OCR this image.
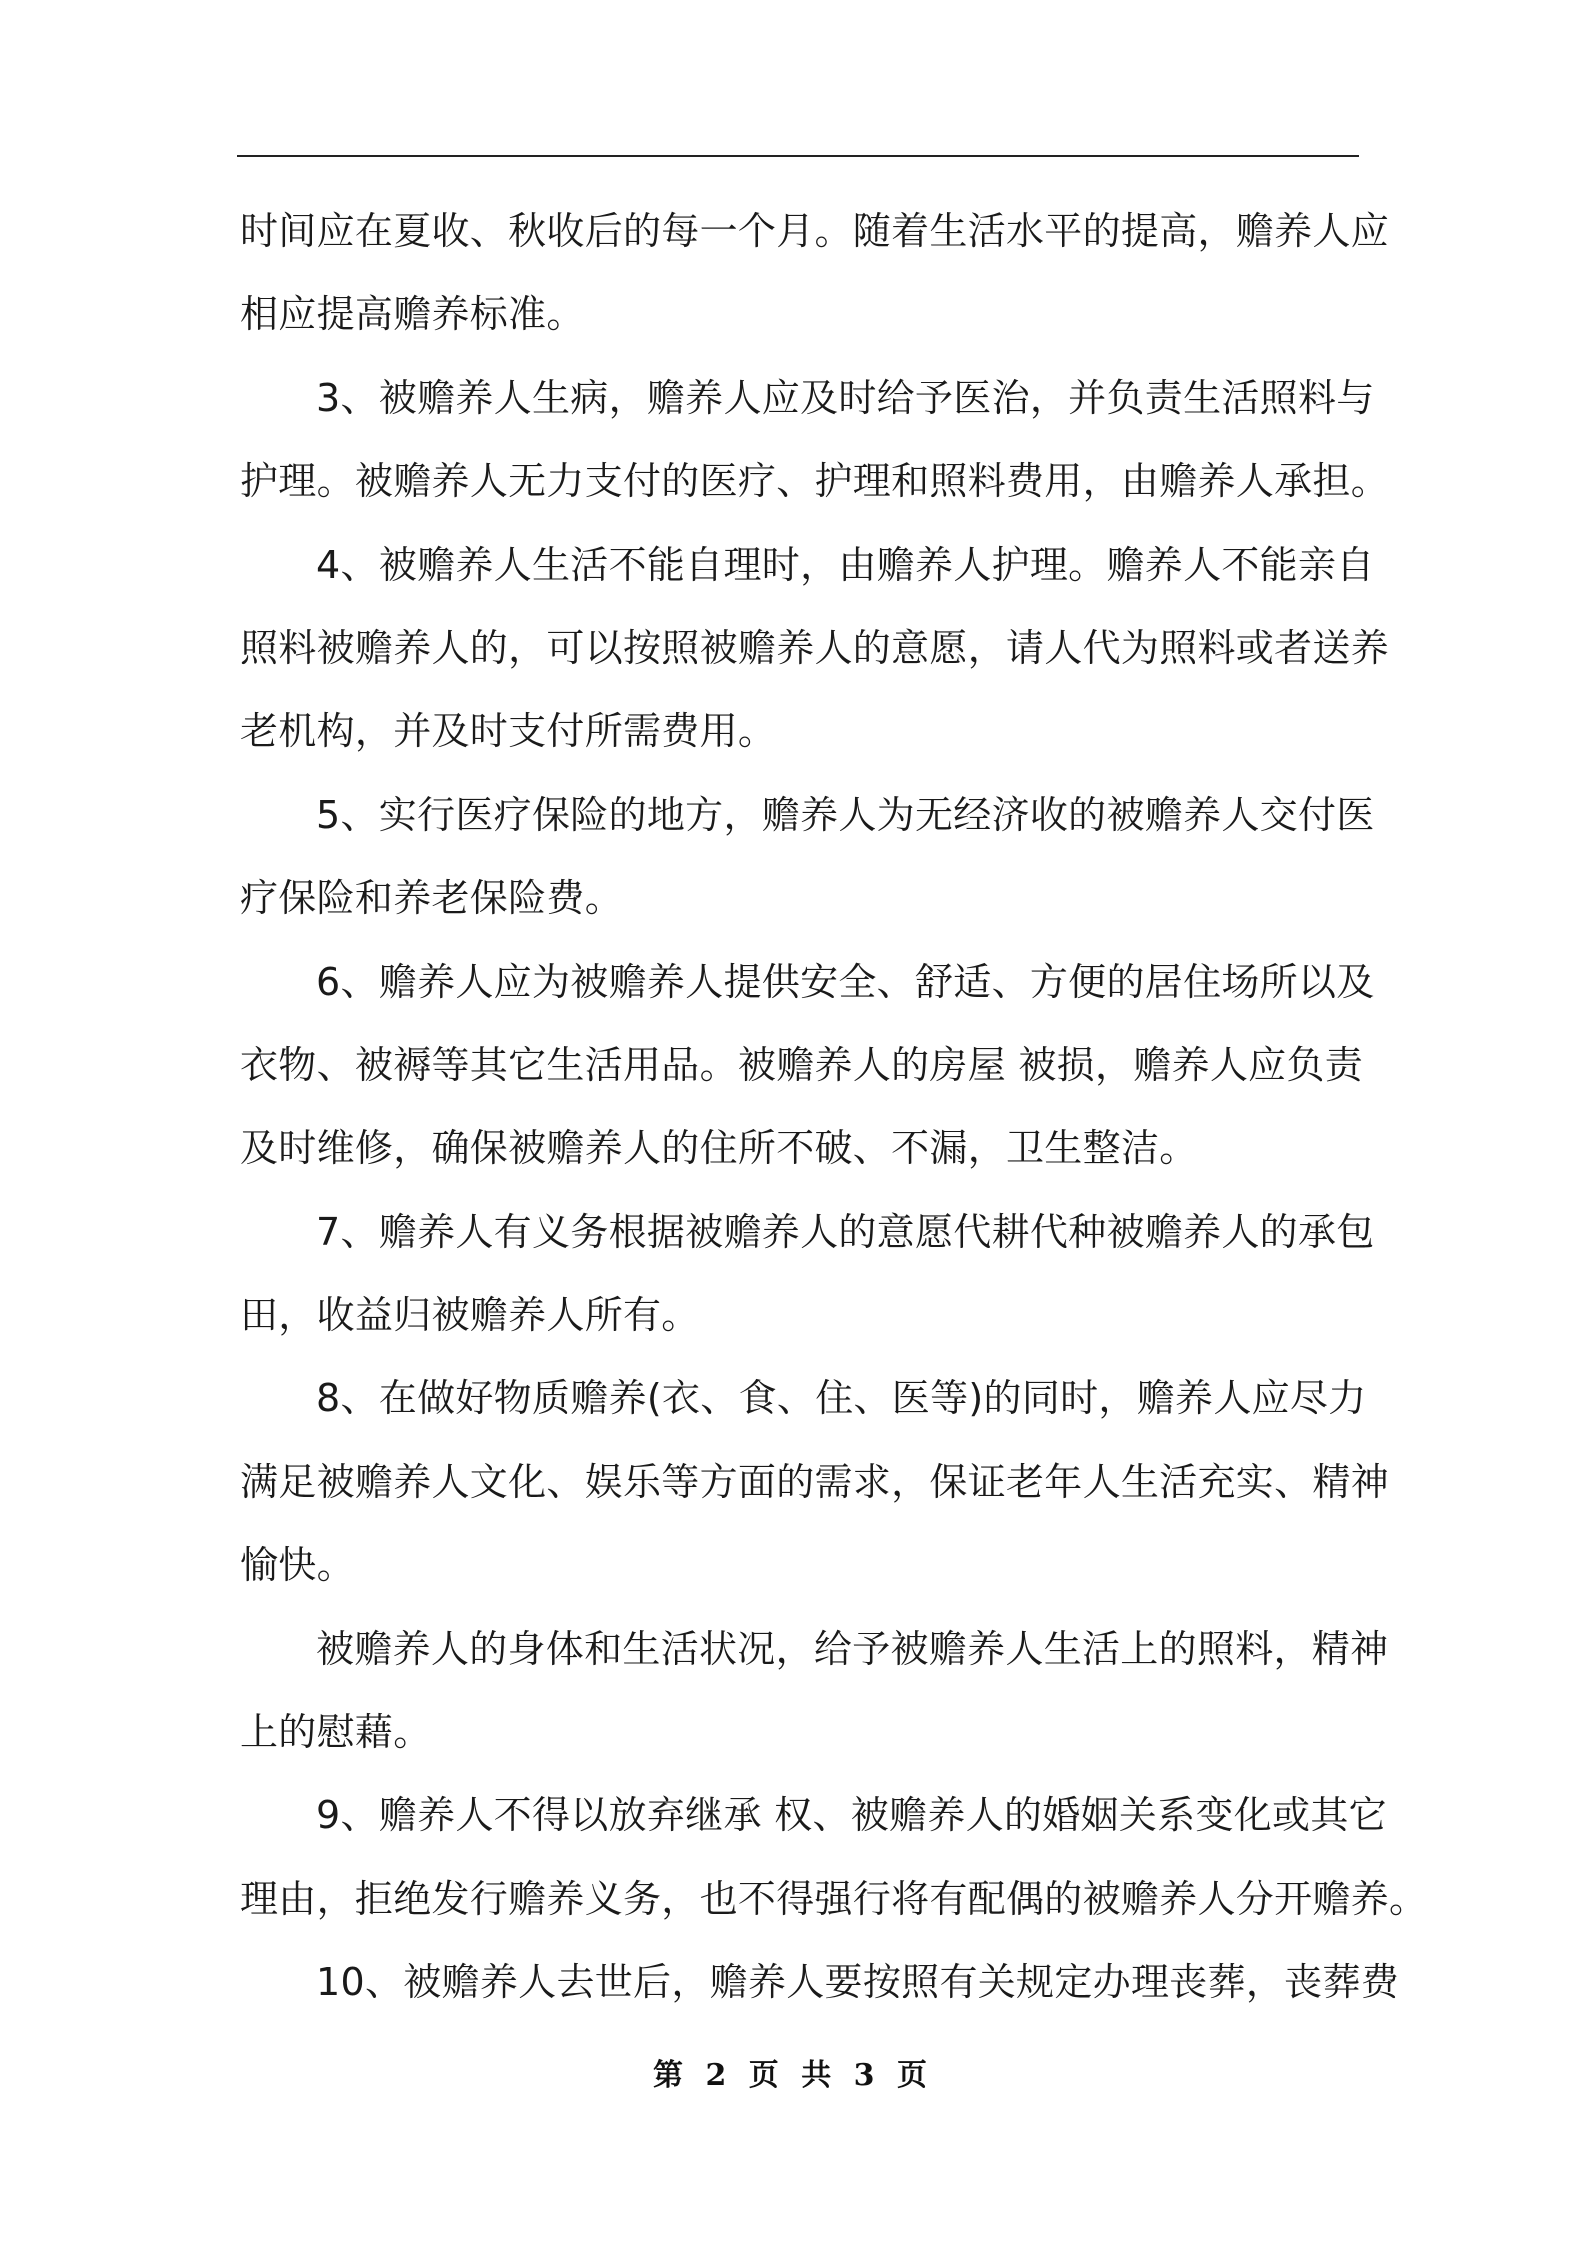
时间应在夏收、秋收后的每一个月。随着生活水平的提高，赡养人应
相应提高赡养标准。
3、被赡养人生病，赡养人应及时给予医治，并负责生活照料与
护理。被赡养人无力支付的医疗、护理和照料费用，由赡养人承担。
4、被赡养人生活不能自理时，由赡养人护理。赡养人不能亲自
照料被赡养人的，可以按照被赡养人的意愿，请人代为照料或者送养
老机构，并及时支付所需费用。
5、实行医疗保险的地方，赡养人为无经济收的被赡养人交付医
疗保险和养老保险费。
6、赡养人应为被赡养人提供安全、舒适、方便的居住场所以及
衣物、被褥等其它生活用品。被赡养人的房屋 被损，赡养人应负责
及时维修，确保被赡养人的住所不破、不漏，卫生整洁。
7、赡养人有义务根据被赡养人的意愿代耕代种被赡养人的承包
田，收益归被赡养人所有。
8、在做好物质赡养(衣、食、住、医等)的同时，赡养人应尽力
满足被赡养人文化、娱乐等方面的需求，保证老年人生活充实、精神
愉快。
被赡养人的身体和生活状况，给予被赡养人生活上的照料，精神
上的慰藉。
9、赡养人不得以放弃继承 权、被赡养人的婚姻关系变化或其它
理由，拒绝发行赡养义务，也不得强行将有配偶的被赡养人分开赡养。
10、被赡养人去世后，赡养人要按照有关规定办理丧葬，丧葬费
第 2 页 共 3 页
